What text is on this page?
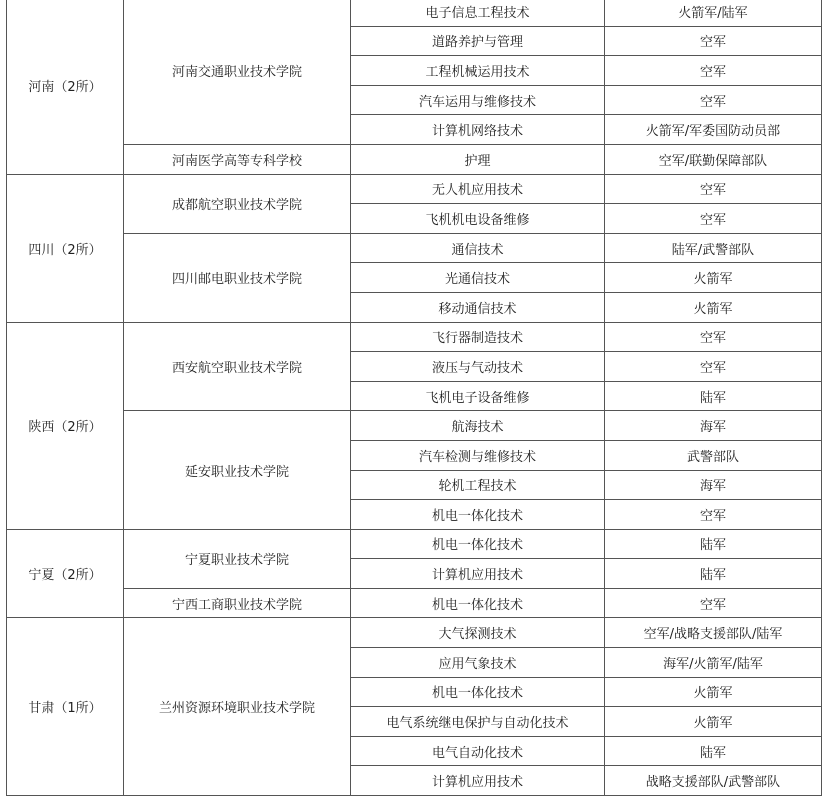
河南（2所）	河南交通职业技术学院	电子信息工程技术	火箭军/陆军
		道路养护与管理	空军
		工程机械运用技术	空军
		汽车运用与维修技术	空军
		计算机网络技术	火箭军/军委国防动员部
	河南医学高等专科学校	护理	空军/联勤保障部队
四川（2所）	成都航空职业技术学院	无人机应用技术	空军
		飞机机电设备维修	空军
	四川邮电职业技术学院	通信技术	陆军/武警部队
		光通信技术	火箭军
		移动通信技术	火箭军
陕西（2所）	西安航空职业技术学院	飞行器制造技术	空军
		液压与气动技术	空军
		飞机电子设备维修	陆军
	延安职业技术学院	航海技术	海军
		汽车检测与维修技术	武警部队
		轮机工程技术	海军
		机电一体化技术	空军
宁夏（2所）	宁夏职业技术学院	机电一体化技术	陆军
		计算机应用技术	陆军
	宁西工商职业技术学院	机电一体化技术	空军
甘肃（1所）	兰州资源环境职业技术学院	大气探测技术	空军/战略支援部队/陆军
		应用气象技术	海军/火箭军/陆军
		机电一体化技术	火箭军
		电气系统继电保护与自动化技术	火箭军
		电气自动化技术	陆军
		计算机应用技术	战略支援部队/武警部队
